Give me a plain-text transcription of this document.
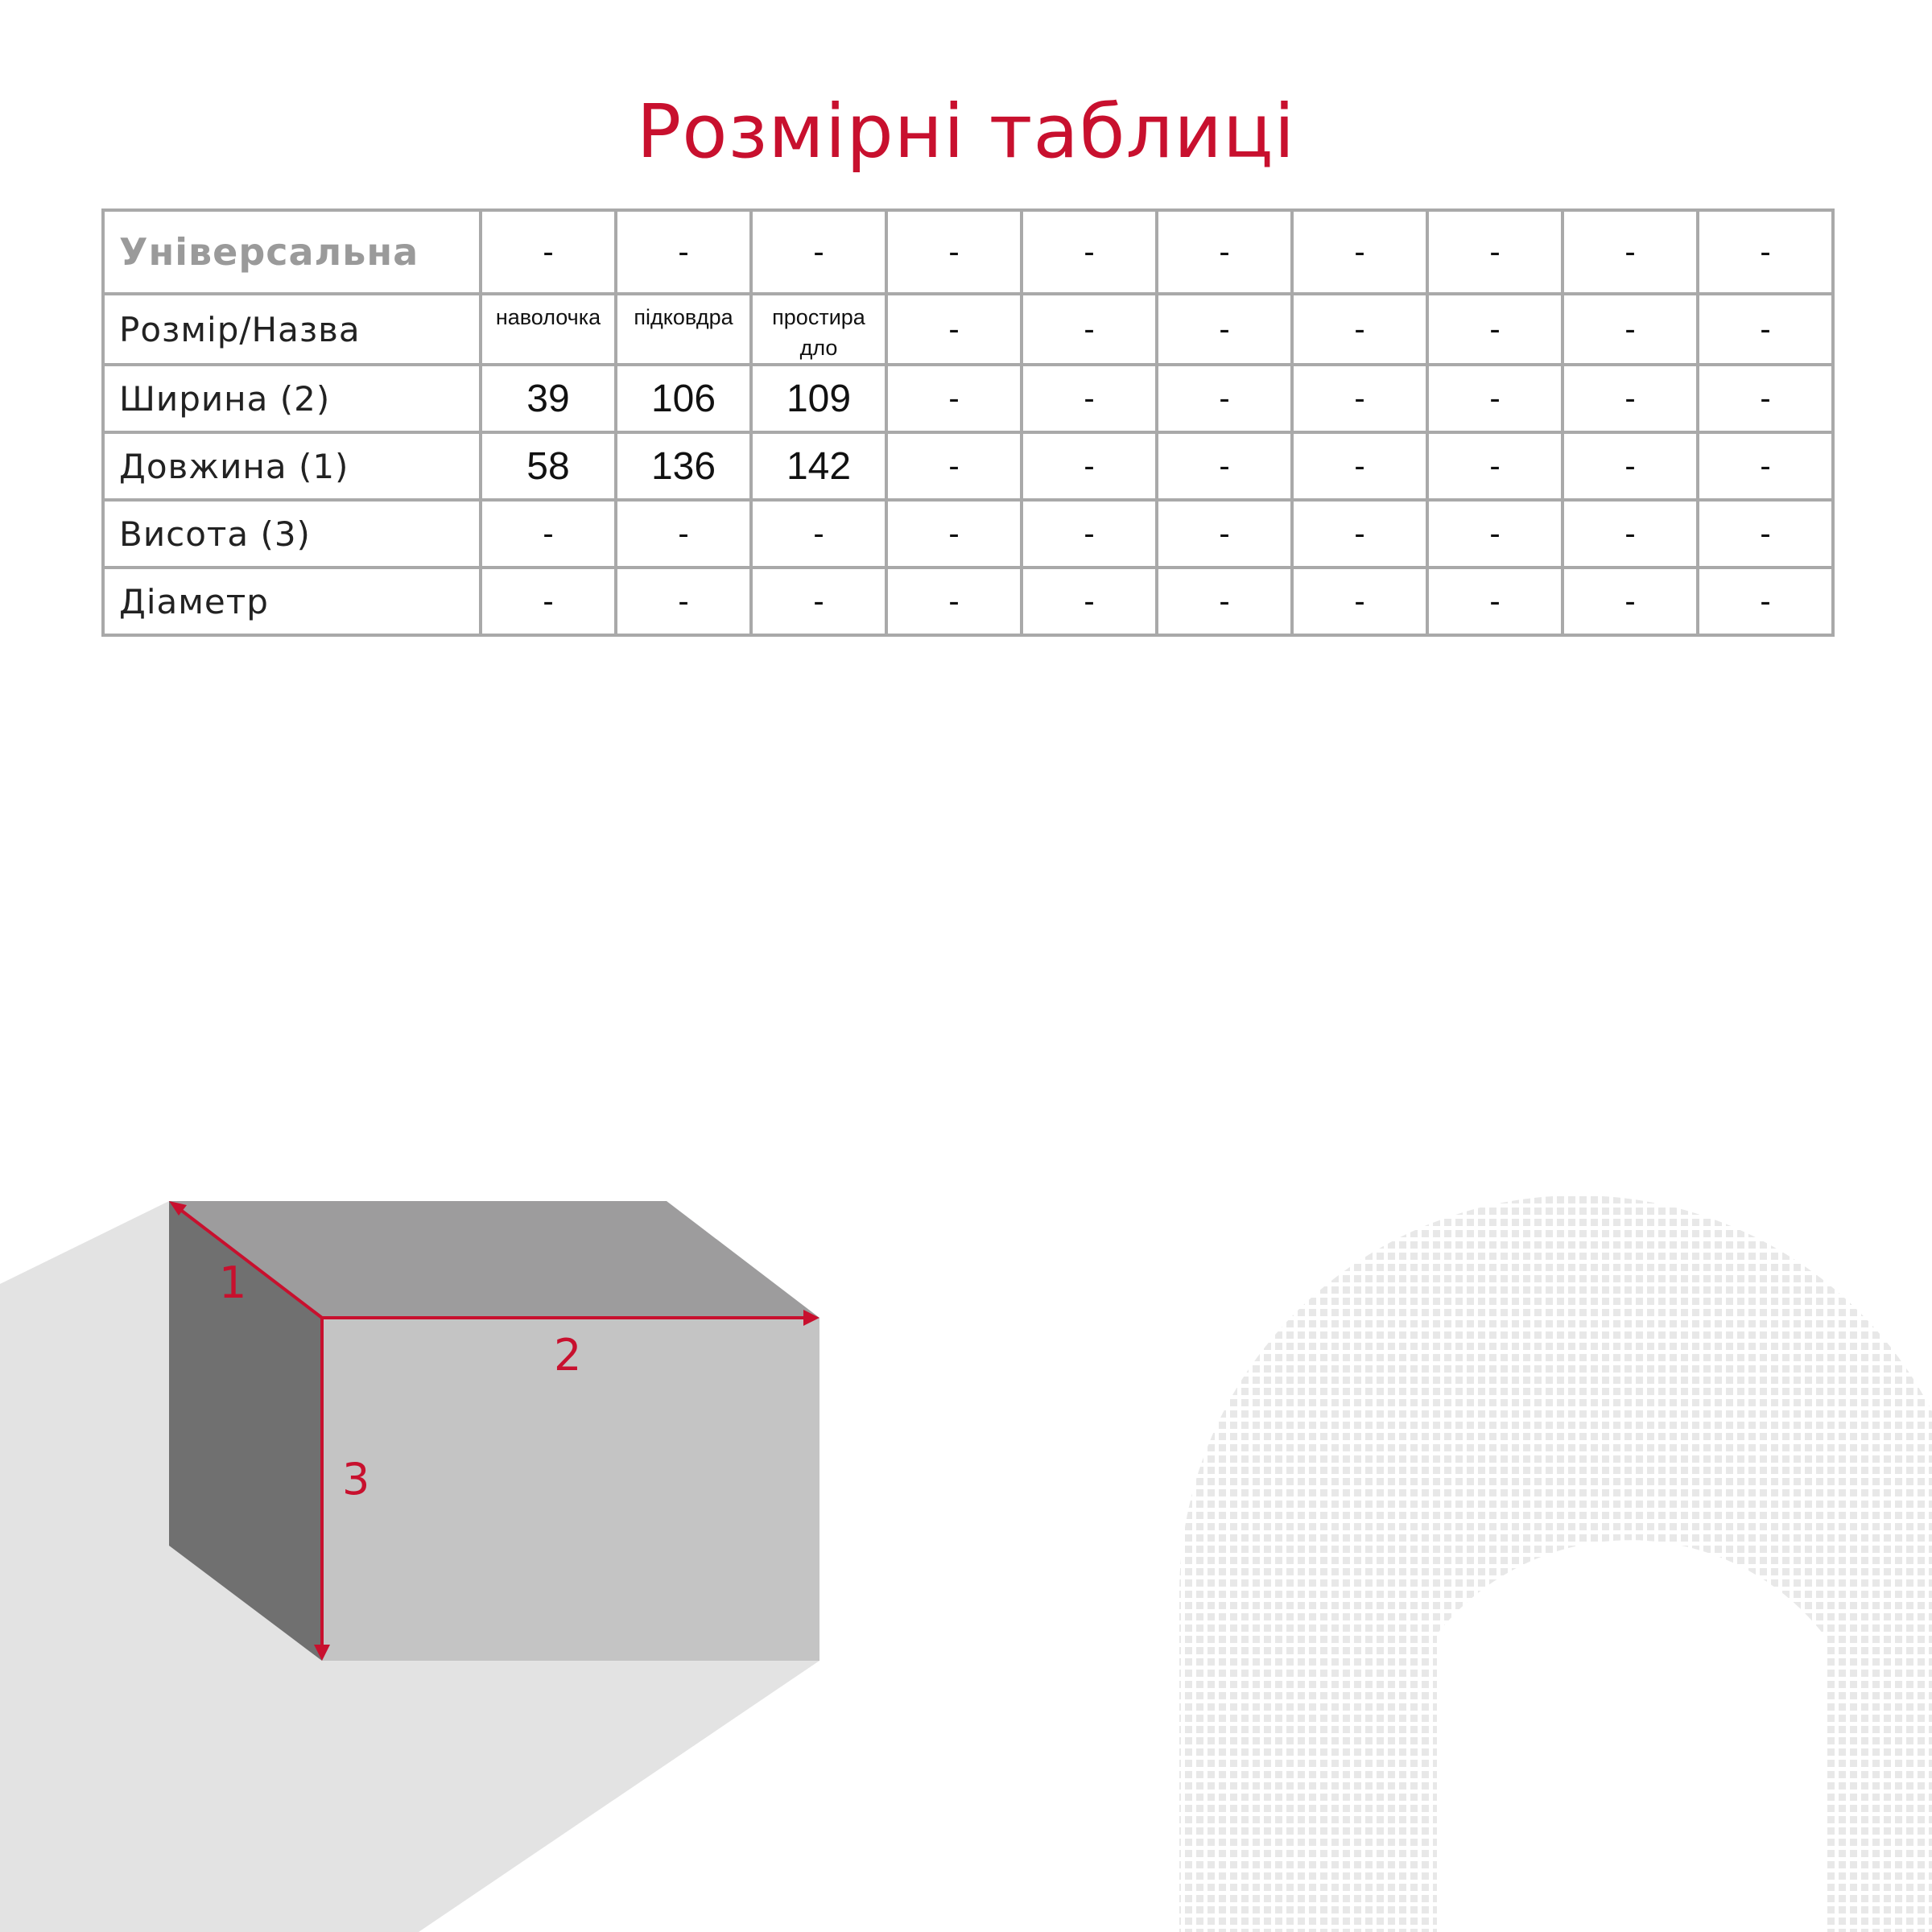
Розмірні таблиці
Універсальна	-	-	-	-	-	-	-	-	-	-
Розмір/Назва	наволочка	підковдра	простира дло	-	-	-	-	-	-	-
Ширина (2)	39	106	109	-	-	-	-	-	-	-
Довжина (1)	58	136	142	-	-	-	-	-	-	-
Висота (3)	-	-	-	-	-	-	-	-	-	-
Діаметр	-	-	-	-	-	-	-	-	-	-
1
2
3
